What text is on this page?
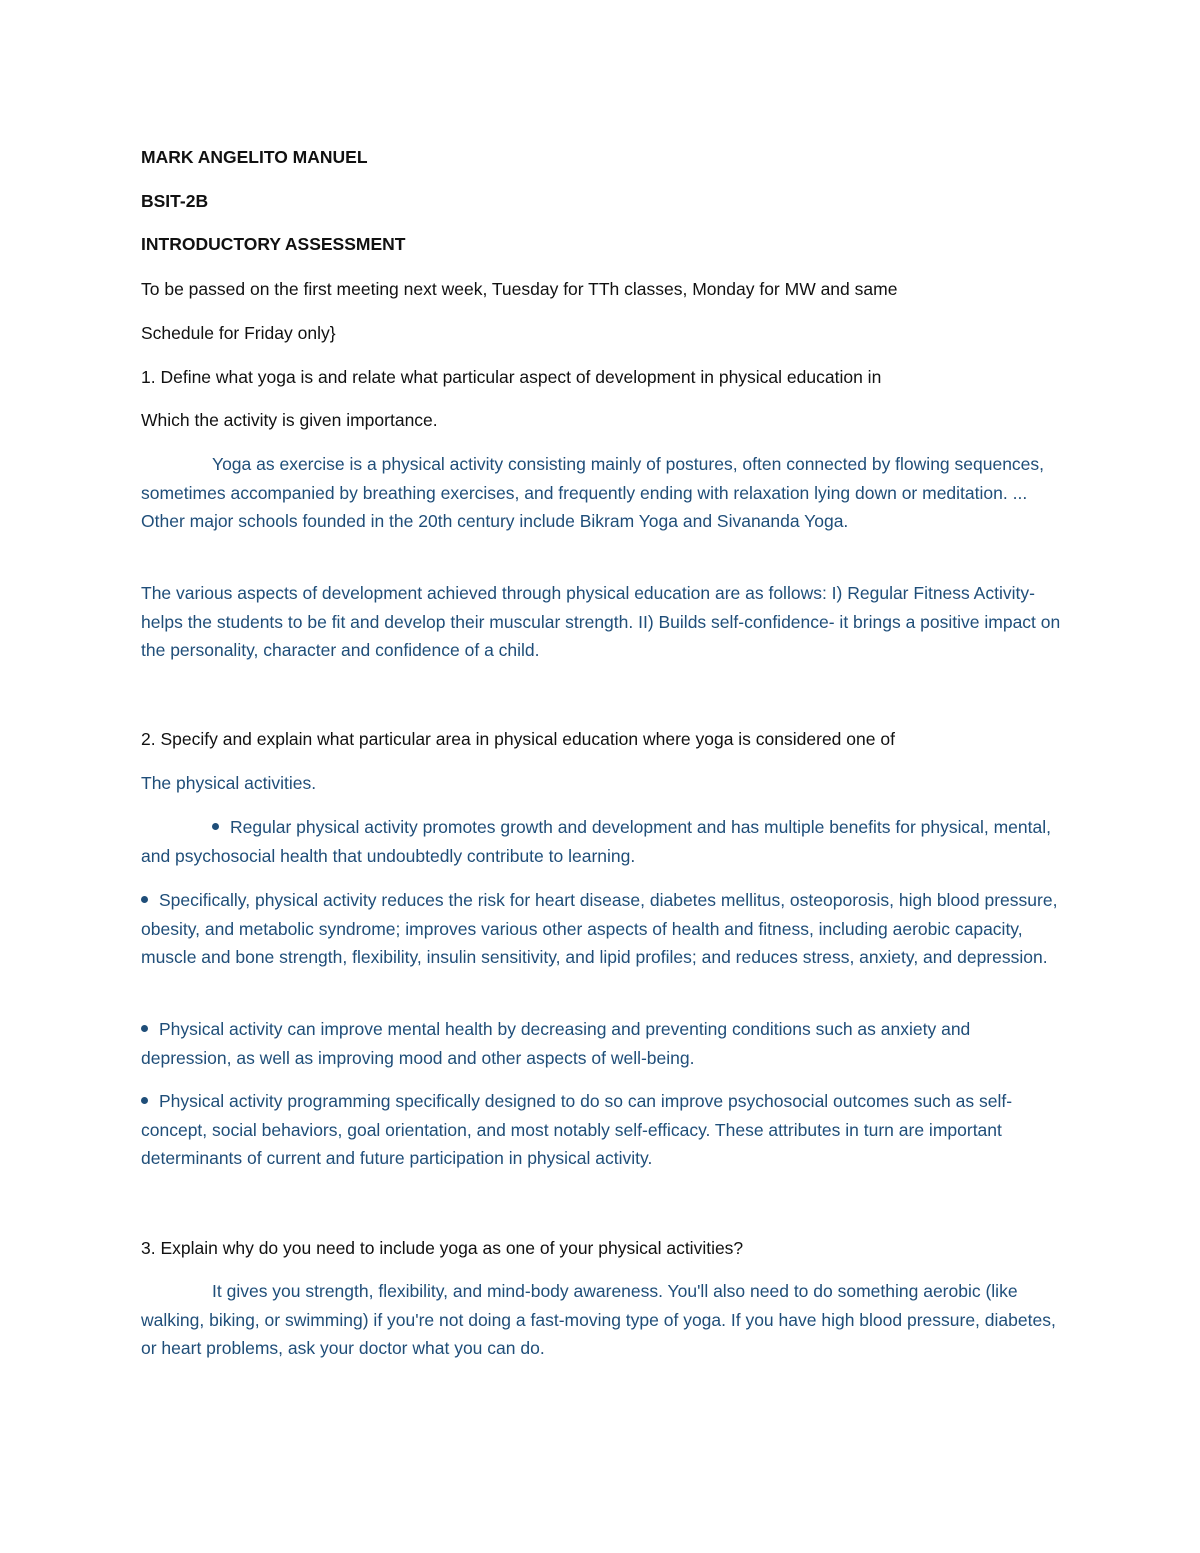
MARK ANGELITO MANUEL
BSIT-2B
INTRODUCTORY ASSESSMENT
To be passed on the first meeting next week, Tuesday for TTh classes, Monday for MW and same
Schedule for Friday only}
1. Define what yoga is and relate what particular aspect of development in physical education in
Which the activity is given importance.
Yoga as exercise is a physical activity consisting mainly of postures, often connected by flowing sequences, sometimes accompanied by breathing exercises, and frequently ending with relaxation lying down or meditation. ... Other major schools founded in the 20th century include Bikram Yoga and Sivananda Yoga.
The various aspects of development achieved through physical education are as follows: I) Regular Fitness Activity- helps the students to be fit and develop their muscular strength. II) Builds self-confidence- it brings a positive impact on the personality, character and confidence of a child.
2. Specify and explain what particular area in physical education where yoga is considered one of
The physical activities.
Regular physical activity promotes growth and development and has multiple benefits for physical, mental, and psychosocial health that undoubtedly contribute to learning.
Specifically, physical activity reduces the risk for heart disease, diabetes mellitus, osteoporosis, high blood pressure, obesity, and metabolic syndrome; improves various other aspects of health and fitness, including aerobic capacity, muscle and bone strength, flexibility, insulin sensitivity, and lipid profiles; and reduces stress, anxiety, and depression.
Physical activity can improve mental health by decreasing and preventing conditions such as anxiety and depression, as well as improving mood and other aspects of well-being.
Physical activity programming specifically designed to do so can improve psychosocial outcomes such as self-concept, social behaviors, goal orientation, and most notably self-efficacy. These attributes in turn are important determinants of current and future participation in physical activity.
3. Explain why do you need to include yoga as one of your physical activities?
It gives you strength, flexibility, and mind-body awareness. You'll also need to do something aerobic (like walking, biking, or swimming) if you're not doing a fast-moving type of yoga. If you have high blood pressure, diabetes, or heart problems, ask your doctor what you can do.
